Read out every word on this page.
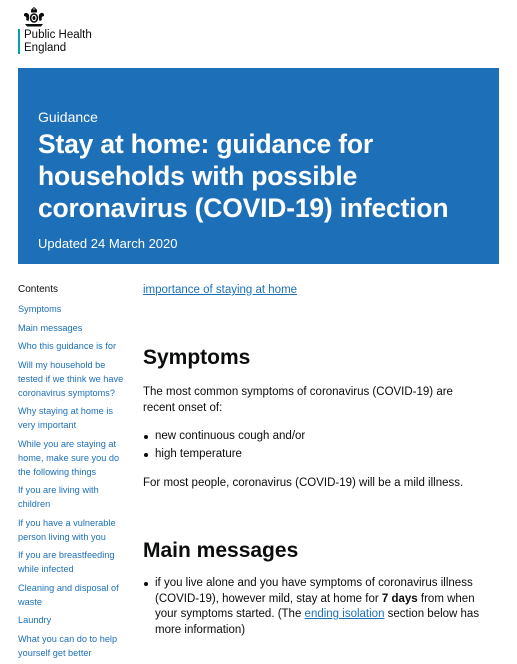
Public Health
England
Guidance
Stay at home: guidance for households with possible coronavirus (COVID-19) infection
Updated 24 March 2020
Contents
Symptoms
Main messages
Who this guidance is for
Will my household be tested if we think we have coronavirus symptoms?
Why staying at home is very important
While you are staying at home, make sure you do the following things
If you are living with children
If you have a vulnerable person living with you
If you are breastfeeding while infected
Cleaning and disposal of waste
Laundry
What you can do to help yourself get better
importance of staying at home
Symptoms

The most common symptoms of coronavirus (COVID-19) are recent onset of:

new continuous cough and/or
high temperature

For most people, coronavirus (COVID-19) will be a mild illness.

Main messages
if you live alone and you have symptoms of coronavirus illness (COVID-19), however mild, stay at home for 7 days from when your symptoms started. (The ending isolation section below has more information)
